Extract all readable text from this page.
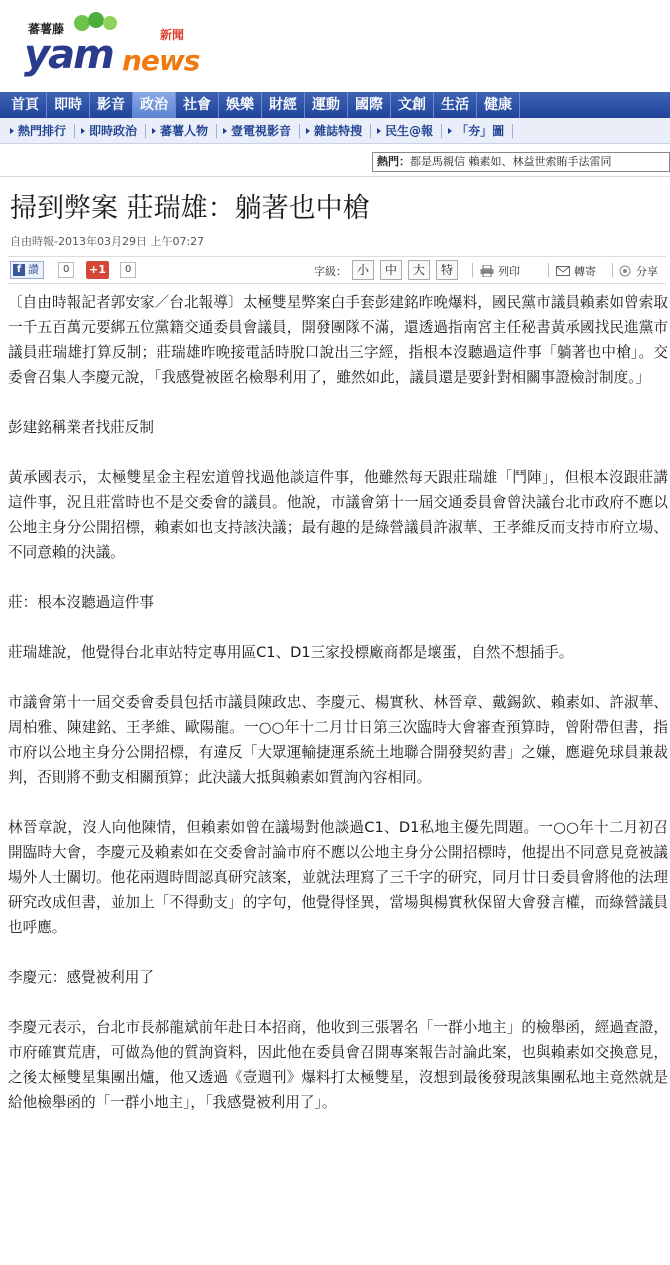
蕃薯藤
yam	新聞
news
首頁	即時	影音	政治	社會	娛樂	財經	運動	國際	文創	生活	健康
熱門排行	即時政治	蕃薯人物	壹電視影音	雜誌特搜	民生@報	「夯」圖
熱門：都是馬親信 賴素如、林益世索賄手法雷同
掃到弊案 莊瑞雄：躺著也中槍
自由時報-2013年03月29日 上午07:27
f 讚	0	+1	0	字級： 小	中	大	特	列印	轉寄	分享

〔自由時報記者郭安家／台北報導〕太極雙星弊案白手套彭建銘昨晚爆料，國民黨市議員賴素如曾索取一千五百萬元要綁五位黨籍交通委員會議員，開發團隊不滿，還透過指南宮主任秘書黃承國找民進黨市議員莊瑞雄打算反制；莊瑞雄昨晚接電話時脫口說出三字經，指根本沒聽過這件事「躺著也中槍」。交委會召集人李慶元說，「我感覺被匿名檢舉利用了，雖然如此，議員還是要針對相關事證檢討制度。」

彭建銘稱業者找莊反制

黃承國表示，太極雙星金主程宏道曾找過他談這件事，他雖然每天跟莊瑞雄「鬥陣」，但根本沒跟莊講這件事，況且莊當時也不是交委會的議員。他說，市議會第十一屆交通委員會曾決議台北市政府不應以公地主身分公開招標，賴素如也支持該決議；最有趣的是綠營議員許淑華、王孝維反而支持市府立場、不同意賴的決議。

莊：根本沒聽過這件事

莊瑞雄說，他覺得台北車站特定專用區C1、D1三家投標廠商都是壞蛋，自然不想插手。

市議會第十一屆交委會委員包括市議員陳政忠、李慶元、楊實秋、林晉章、戴錫欽、賴素如、許淑華、周柏雅、陳建銘、王孝維、歐陽龍。一○○年十二月廿日第三次臨時大會審查預算時，曾附帶但書，指市府以公地主身分公開招標，有違反「大眾運輸捷運系統土地聯合開發契約書」之嫌，應避免球員兼裁判，否則將不動支相關預算；此決議大抵與賴素如質詢內容相同。

林晉章說，沒人向他陳情，但賴素如曾在議場對他談過C1、D1私地主優先問題。一○○年十二月初召開臨時大會，李慶元及賴素如在交委會討論市府不應以公地主身分公開招標時，他提出不同意見竟被議場外人士關切。他花兩週時間認真研究該案，並就法理寫了三千字的研究，同月廿日委員會將他的法理研究改成但書，並加上「不得動支」的字句，他覺得怪異，當場與楊實秋保留大會發言權，而綠營議員也呼應。

李慶元：感覺被利用了

李慶元表示，台北市長郝龍斌前年赴日本招商，他收到三張署名「一群小地主」的檢舉函，經過查證，市府確實荒唐，可做為他的質詢資料，因此他在委員會召開專案報告討論此案，也與賴素如交換意見，之後太極雙星集團出爐，他又透過《壹週刊》爆料打太極雙星，沒想到最後發現該集團私地主竟然就是給他檢舉函的「一群小地主」，「我感覺被利用了」。
